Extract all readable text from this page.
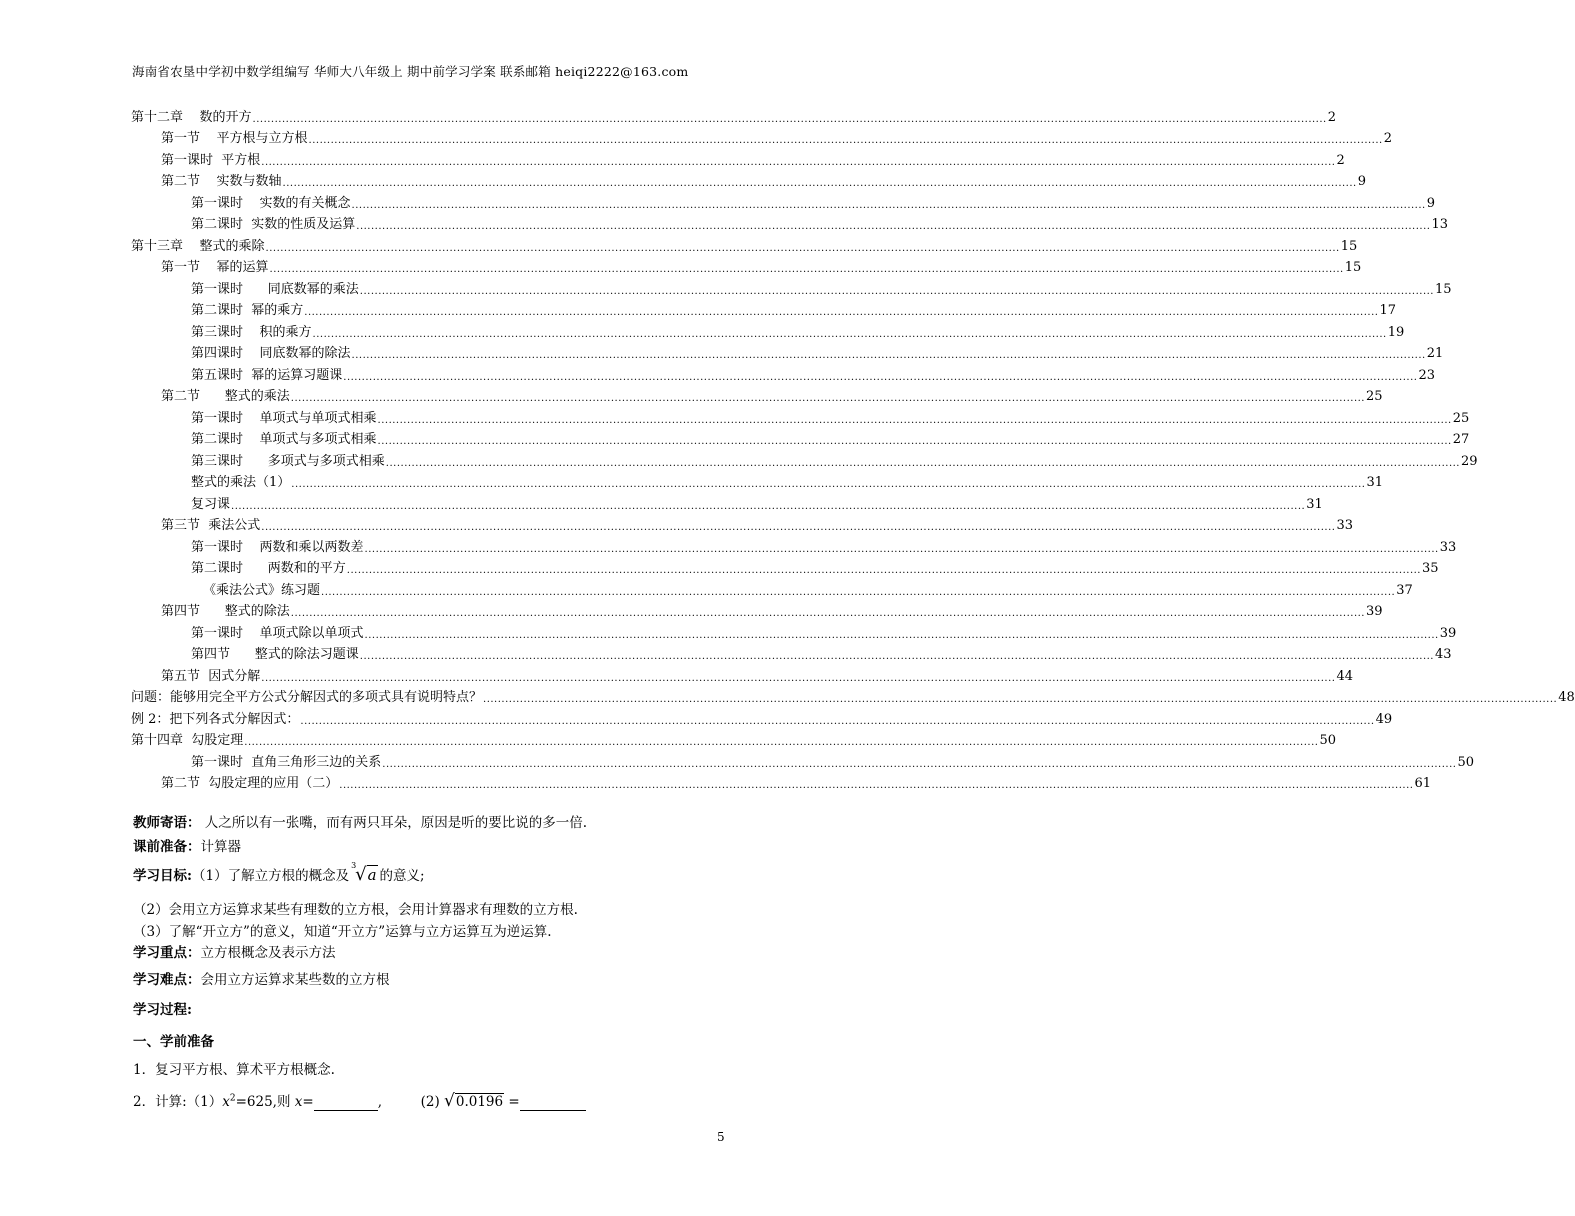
海南省农垦中学初中数学组编写 华师大八年级上 期中前学习学案 联系邮箱 heiqi2222@163.com
第十二章    数的开方 .................................................................................................................................................................................................................................................................................................... 2
第一节    平方根与立方根 .................................................................................................................................................................................................................................................................................................... 2
第一课时  平方根 .................................................................................................................................................................................................................................................................................................... 2
第二节    实数与数轴 .................................................................................................................................................................................................................................................................................................... 9
第一课时    实数的有关概念 .................................................................................................................................................................................................................................................................................................... 9
第二课时  实数的性质及运算 .................................................................................................................................................................................................................................................................................................... 13
第十三章    整式的乘除 .................................................................................................................................................................................................................................................................................................... 15
第一节    幂的运算 .................................................................................................................................................................................................................................................................................................... 15
第一课时      同底数幂的乘法 .................................................................................................................................................................................................................................................................................................... 15
第二课时  幂的乘方 .................................................................................................................................................................................................................................................................................................... 17
第三课时    积的乘方 .................................................................................................................................................................................................................................................................................................... 19
第四课时    同底数幂的除法 .................................................................................................................................................................................................................................................................................................... 21
第五课时  幂的运算习题课 .................................................................................................................................................................................................................................................................................................... 23
第二节      整式的乘法 .................................................................................................................................................................................................................................................................................................... 25
第一课时    单项式与单项式相乘 .................................................................................................................................................................................................................................................................................................... 25
第二课时    单项式与多项式相乘 .................................................................................................................................................................................................................................................................................................... 27
第三课时      多项式与多项式相乘 .................................................................................................................................................................................................................................................................................................... 29
整式的乘法（1） .................................................................................................................................................................................................................................................................................................... 31
复习课 .................................................................................................................................................................................................................................................................................................... 31
第三节  乘法公式 .................................................................................................................................................................................................................................................................................................... 33
第一课时    两数和乘以两数差 .................................................................................................................................................................................................................................................................................................... 33
第二课时      两数和的平方 .................................................................................................................................................................................................................................................................................................... 35
《乘法公式》练习题 .................................................................................................................................................................................................................................................................................................... 37
第四节      整式的除法 .................................................................................................................................................................................................................................................................................................... 39
第一课时    单项式除以单项式 .................................................................................................................................................................................................................................................................................................... 39
第四节      整式的除法习题课 .................................................................................................................................................................................................................................................................................................... 43
第五节  因式分解 .................................................................................................................................................................................................................................................................................................... 44
问题：能够用完全平方公式分解因式的多项式具有说明特点？ .................................................................................................................................................................................................................................................................................................... 48
例 2：把下列各式分解因式： .................................................................................................................................................................................................................................................................................................... 49
第十四章  勾股定理 .................................................................................................................................................................................................................................................................................................... 50
第一课时  直角三角形三边的关系 .................................................................................................................................................................................................................................................................................................... 50
第二节  勾股定理的应用（二） .................................................................................................................................................................................................................................................................................................... 61
教师寄语： 人之所以有一张嘴，而有两只耳朵，原因是听的要比说的多一倍.
课前准备：计算器
学习目标:（1）了解立方根的概念及
3
√a 的意义;
（2）会用立方运算求某些有理数的立方根，会用计算器求有理数的立方根.
（3）了解“开立方”的意义，知道“开立方”运算与立方运算互为逆运算.
学习重点：立方根概念及表示方法
学习难点：会用立方运算求某些数的立方根
学习过程:
一、学前准备
1．复习平方根、算术平方根概念.
2．计算$:(1)x^2=625$,则 x=	,	(2) √0.0196 =
5
